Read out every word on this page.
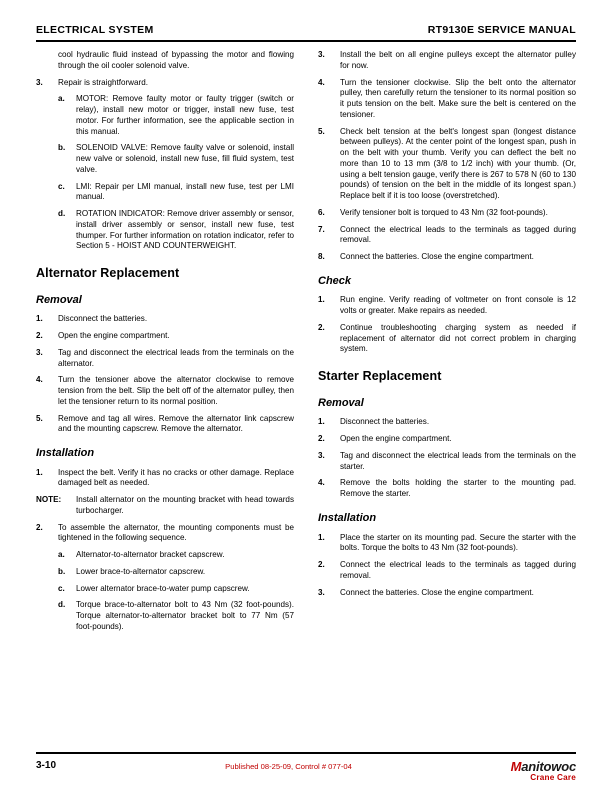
ELECTRICAL SYSTEM	RT9130E SERVICE MANUAL

cool hydraulic fluid instead of bypassing the motor and flowing through the oil cooler solenoid valve.

3.	Repair is straightforward.
a.	MOTOR: Remove faulty motor or faulty trigger (switch or relay), install new motor or trigger, install new fuse, test motor. For further information, see the applicable section in this manual.
b.	SOLENOID VALVE: Remove faulty valve or solenoid, install new valve or solenoid, install new fuse, fill fluid system, test valve.
c.	LMI: Repair per LMI manual, install new fuse, test per LMI manual.
d.	ROTATION INDICATOR: Remove driver assembly or sensor, install driver assembly or sensor, install new fuse, test thumper. For further information on rotation indicator, refer to Section 5 - HOIST AND COUNTERWEIGHT.
Alternator Replacement
Removal
1.	Disconnect the batteries.
2.	Open the engine compartment.
3.	Tag and disconnect the electrical leads from the terminals on the alternator.
4.	Turn the tensioner above the alternator clockwise to remove tension from the belt. Slip the belt off of the alternator pulley, then let the tensioner return to its normal position.
5.	Remove and tag all wires. Remove the alternator link capscrew and the mounting capscrew. Remove the alternator.
Installation
1.	Inspect the belt. Verify it has no cracks or other damage. Replace damaged belt as needed.
NOTE:	Install alternator on the mounting bracket with head towards turbocharger.
2.	To assemble the alternator, the mounting components must be tightened in the following sequence.
a.	Alternator-to-alternator bracket capscrew.
b.	Lower brace-to-alternator capscrew.
c.	Lower alternator brace-to-water pump capscrew.
d.	Torque brace-to-alternator bolt to 43 Nm (32 foot-pounds). Torque alternator-to-alternator bracket bolt to 77 Nm (57 foot-pounds).
3.	Install the belt on all engine pulleys except the alternator pulley for now.
4.	Turn the tensioner clockwise. Slip the belt onto the alternator pulley, then carefully return the tensioner to its normal position so it puts tension on the belt. Make sure the belt is centered on the tensioner.
5.	Check belt tension at the belt's longest span (longest distance between pulleys). At the center point of the longest span, push in on the belt with your thumb. Verify you can deflect the belt no more than 10 to 13 mm (3/8 to 1/2 inch) with your thumb. (Or, using a belt tension gauge, verify there is 267 to 578 N (60 to 130 pounds) of tension on the belt in the middle of its longest span.) Replace belt if it is too loose (overstretched).
6.	Verify tensioner bolt is torqued to 43 Nm (32 foot-pounds).
7.	Connect the electrical leads to the terminals as tagged during removal.
8.	Connect the batteries. Close the engine compartment.
Check
1.	Run engine. Verify reading of voltmeter on front console is 12 volts or greater. Make repairs as needed.
2.	Continue troubleshooting charging system as needed if replacement of alternator did not correct problem in charging system.
Starter Replacement
Removal
1.	Disconnect the batteries.
2.	Open the engine compartment.
3.	Tag and disconnect the electrical leads from the terminals on the starter.
4.	Remove the bolts holding the starter to the mounting pad. Remove the starter.
Installation
1.	Place the starter on its mounting pad. Secure the starter with the bolts. Torque the bolts to 43 Nm (32 foot-pounds).
2.	Connect the electrical leads to the terminals as tagged during removal.
3.	Connect the batteries. Close the engine compartment.
3-10	Published 08-25-09, Control # 077-04	Manitowoc
Crane Care
